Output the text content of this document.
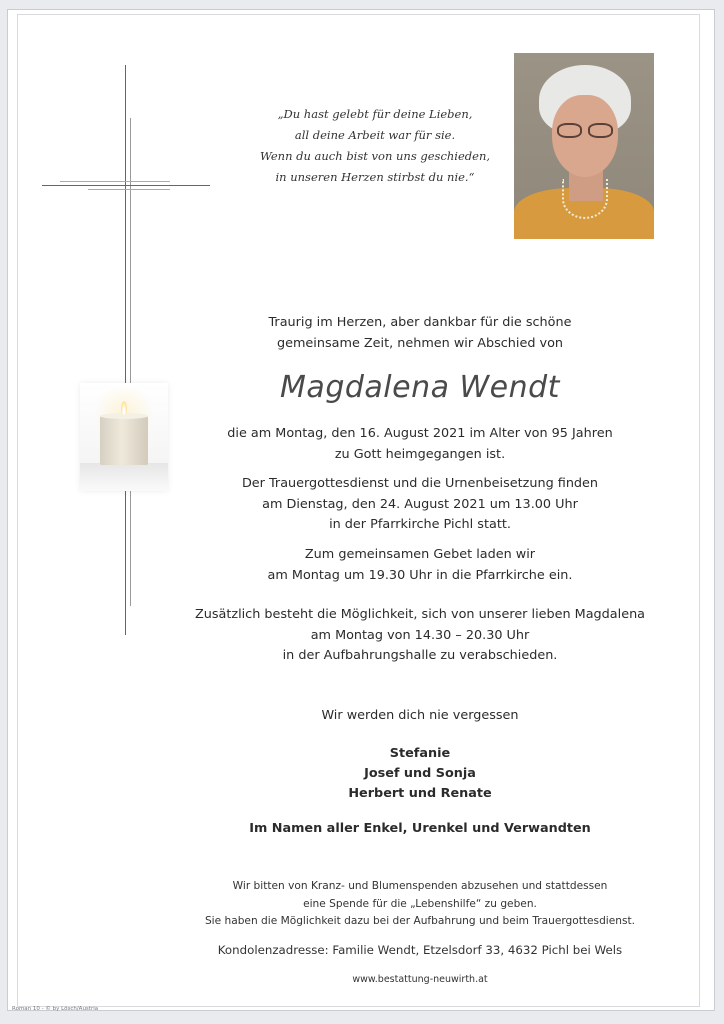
„Du hast gelebt für deine Lieben,
all deine Arbeit war für sie.
Wenn du auch bist von uns geschieden,
in unseren Herzen stirbst du nie.“
Traurig im Herzen, aber dankbar für die schöne
gemeinsame Zeit, nehmen wir Abschied von
Magdalena Wendt
die am Montag, den 16. August 2021 im Alter von 95 Jahren
zu Gott heimgegangen ist.
Der Trauergottesdienst und die Urnenbeisetzung finden
am Dienstag, den 24. August 2021 um 13.00 Uhr
in der Pfarrkirche Pichl statt.
Zum gemeinsamen Gebet laden wir
am Montag um 19.30 Uhr in die Pfarrkirche ein.
Zusätzlich besteht die Möglichkeit, sich von unserer lieben Magdalena
am Montag von 14.30 – 20.30 Uhr
in der Aufbahrungshalle zu verabschieden.
Wir werden dich nie vergessen
Stefanie
Josef und Sonja
Herbert und Renate
Im Namen aller Enkel, Urenkel und Verwandten
Wir bitten von Kranz- und Blumenspenden abzusehen und stattdessen
eine Spende für die „Lebenshilfe“ zu geben.
Sie haben die Möglichkeit dazu bei der Aufbahrung und beim Trauergottesdienst.
Kondolenzadresse: Familie Wendt, Etzelsdorf 33, 4632 Pichl bei Wels
www.bestattung-neuwirth.at
Roman 10 - © by Lösch/Austria
